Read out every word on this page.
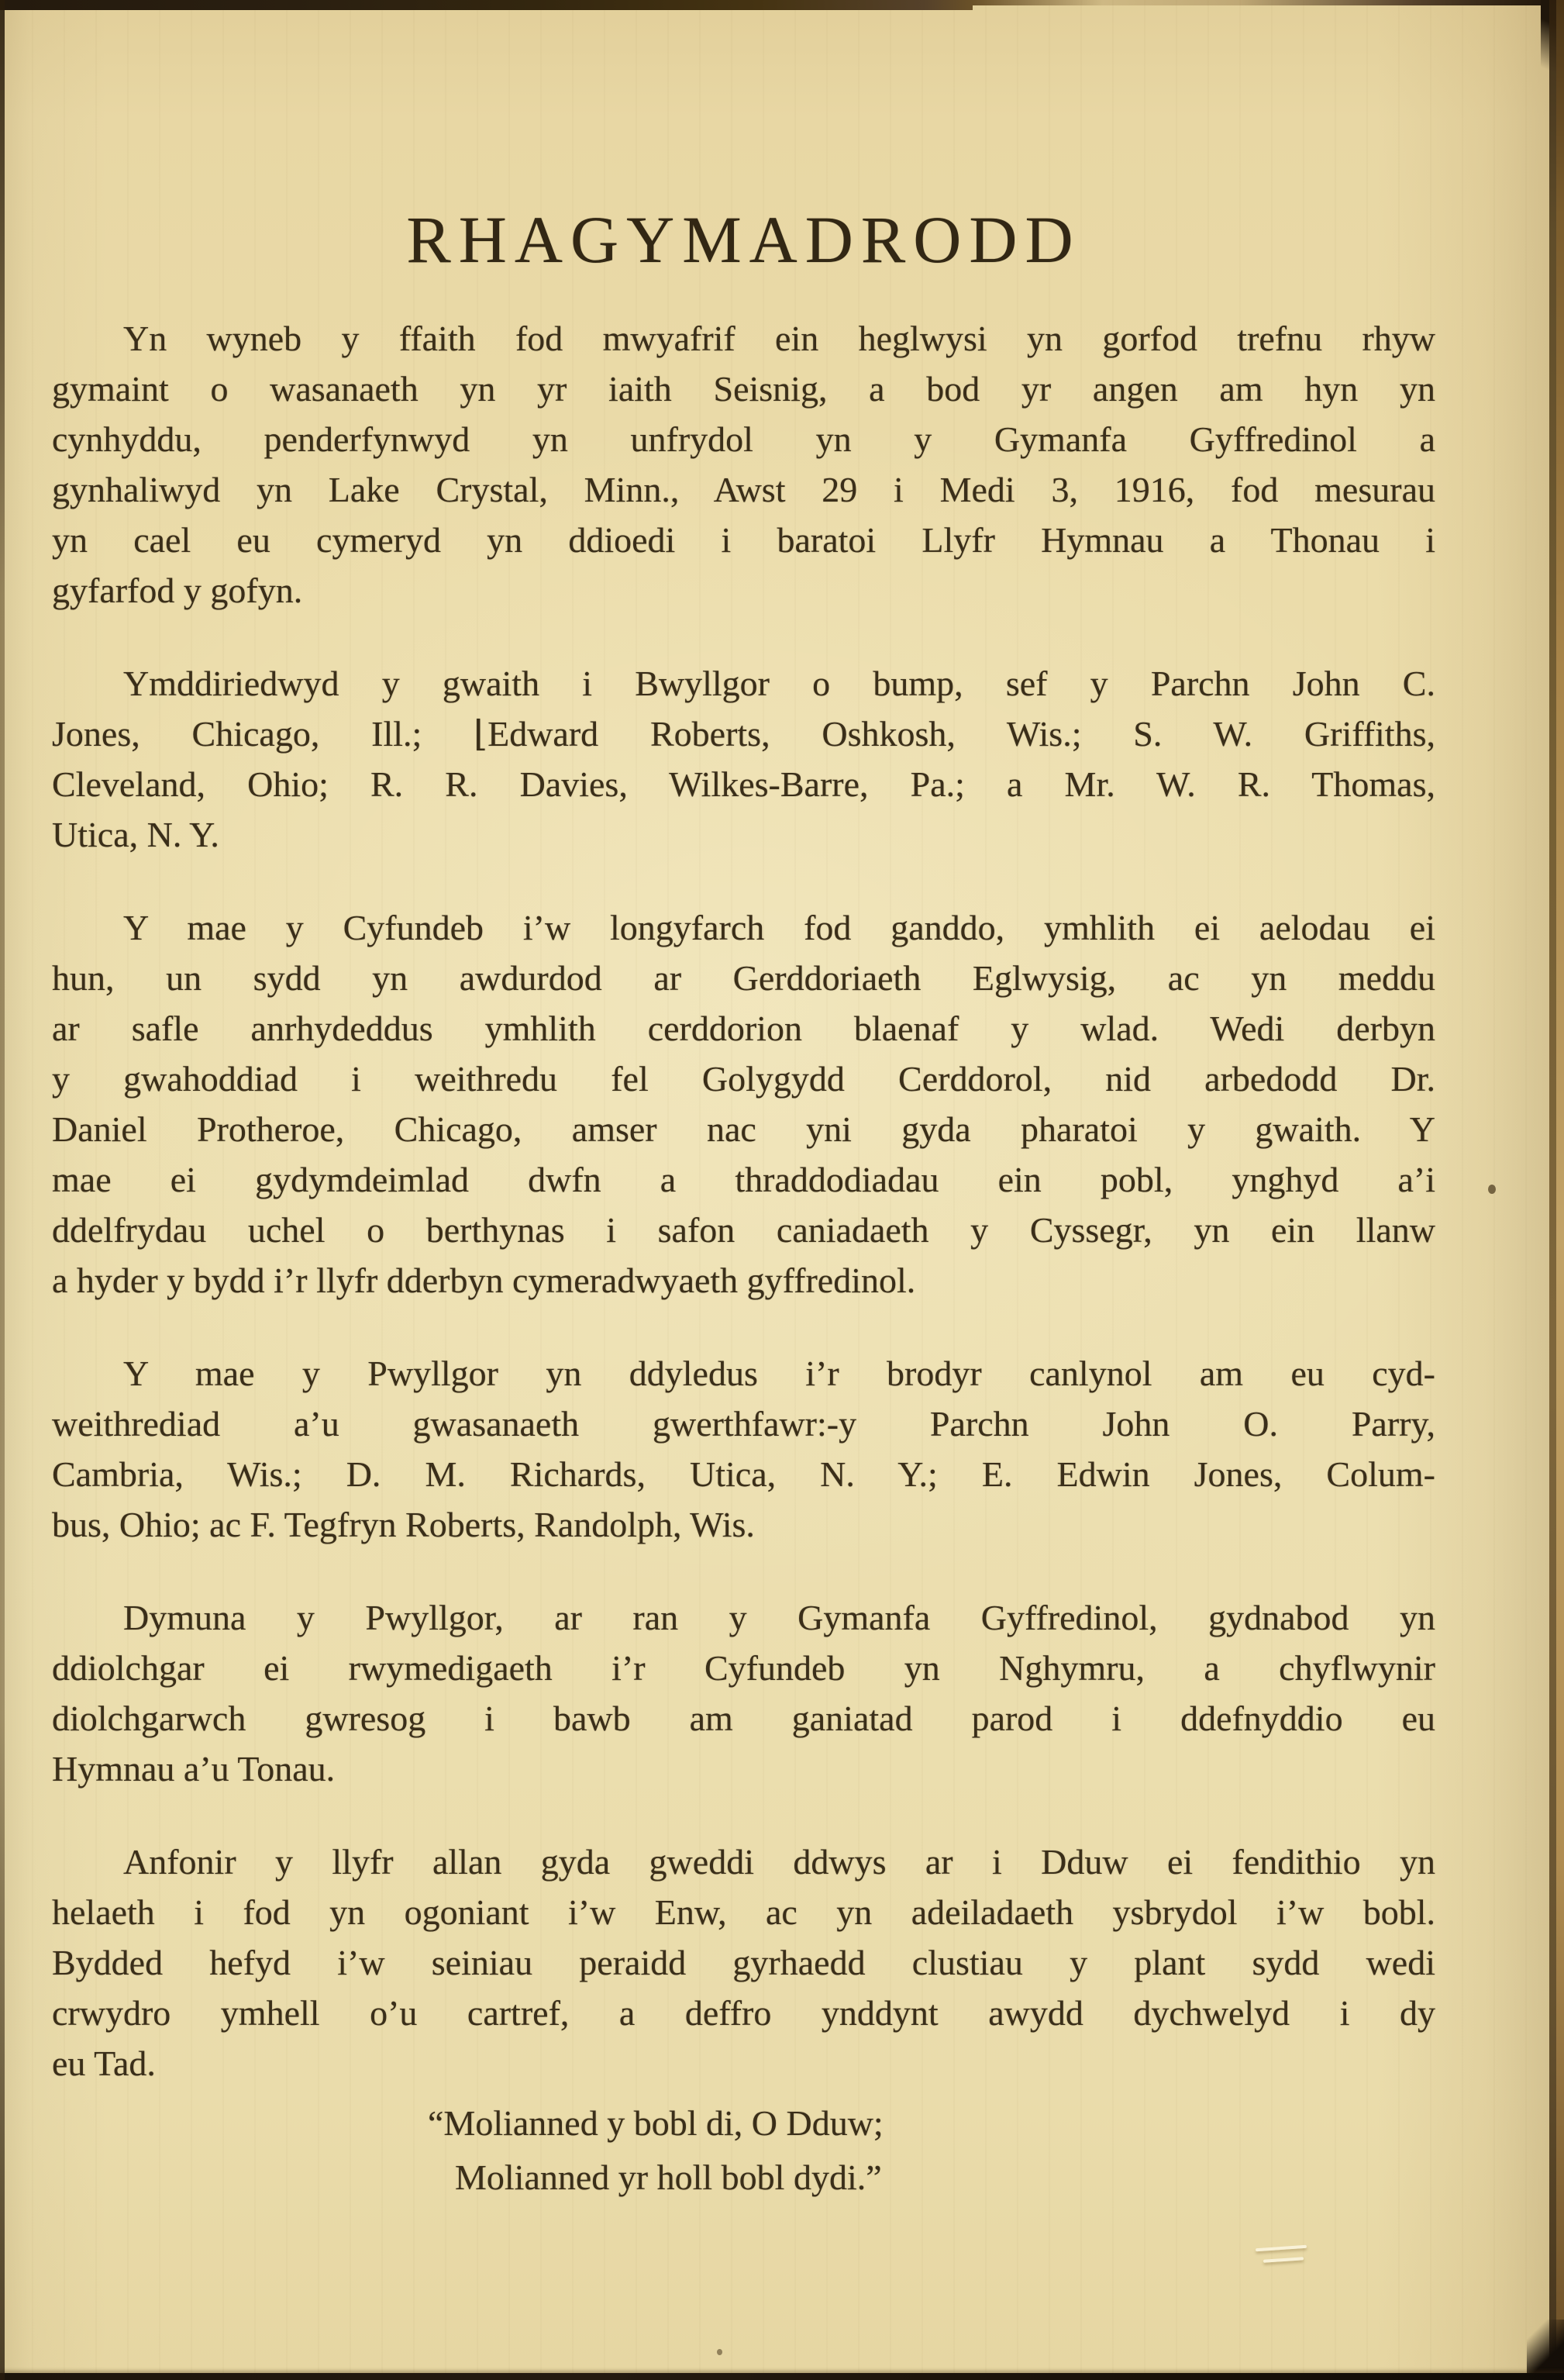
RHAGYMADRODD
Yn wyneb y ffaith fod mwyafrif ein heglwysi yn gorfod trefnu rhyw
gymaint o wasanaeth yn yr iaith Seisnig, a bod yr angen am hyn yn
cynhyddu, penderfynwyd yn unfrydol yn y Gymanfa Gyffredinol a
gynhaliwyd yn Lake Crystal, Minn., Awst 29 i Medi 3, 1916, fod mesurau
yn cael eu cymeryd yn ddioedi i baratoi Llyfr Hymnau a Thonau i
gyfarfod y gofyn.
Ymddiriedwyd y gwaith i Bwyllgor o bump, sef y Parchn John C.
Jones, Chicago, Ill.; ⌊Edward Roberts, Oshkosh, Wis.; S. W. Griffiths,
Cleveland, Ohio; R. R. Davies, Wilkes-Barre, Pa.; a Mr. W. R. Thomas,
Utica, N. Y.
Y mae y Cyfundeb i’w longyfarch fod ganddo, ymhlith ei aelodau ei
hun, un sydd yn awdurdod ar Gerddoriaeth Eglwysig, ac yn meddu
ar safle anrhydeddus ymhlith cerddorion blaenaf y wlad. Wedi derbyn
y gwahoddiad i weithredu fel Golygydd Cerddorol, nid arbedodd Dr.
Daniel Protheroe, Chicago, amser nac yni gyda pharatoi y gwaith. Y
mae ei gydymdeimlad dwfn a thraddodiadau ein pobl, ynghyd a’i
ddelfrydau uchel o berthynas i safon caniadaeth y Cyssegr, yn ein llanw
a hyder y bydd i’r llyfr dderbyn cymeradwyaeth gyffredinol.
Y mae y Pwyllgor yn ddyledus i’r brodyr canlynol am eu cyd-
weithrediad a’u gwasanaeth gwerthfawr:-y Parchn John O. Parry,
Cambria, Wis.; D. M. Richards, Utica, N. Y.; E. Edwin Jones, Colum-
bus, Ohio; ac F. Tegfryn Roberts, Randolph, Wis.
Dymuna y Pwyllgor, ar ran y Gymanfa Gyffredinol, gydnabod yn
ddiolchgar ei rwymedigaeth i’r Cyfundeb yn Nghymru, a chyflwynir
diolchgarwch gwresog i bawb am ganiatad parod i ddefnyddio eu
Hymnau a’u Tonau.
Anfonir y llyfr allan gyda gweddi ddwys ar i Dduw ei fendithio yn
helaeth i fod yn ogoniant i’w Enw, ac yn adeiladaeth ysbrydol i’w bobl.
Bydded hefyd i’w seiniau peraidd gyrhaedd clustiau y plant sydd wedi
crwydro ymhell o’u cartref, a deffro ynddynt awydd dychwelyd i dy
eu Tad.
“Molianned y bobl di, O Dduw;
Molianned yr holl bobl dydi.”
